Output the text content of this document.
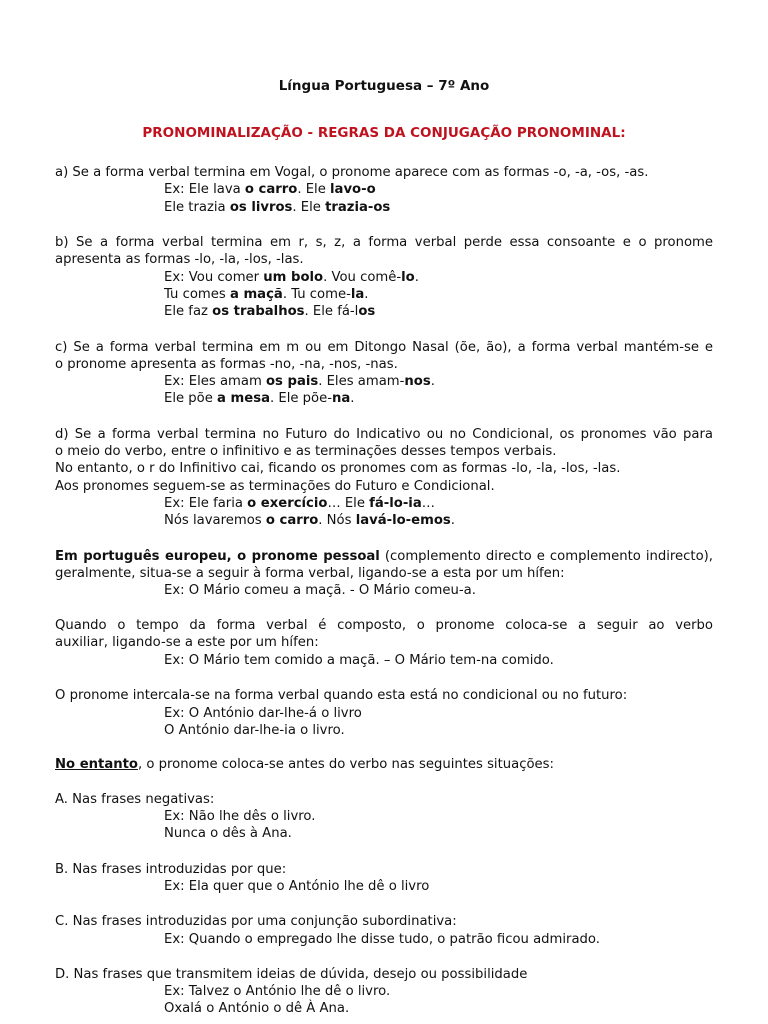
Língua Portuguesa – 7º Ano
PRONOMINALIZAÇÃO - REGRAS DA CONJUGAÇÃO PRONOMINAL:
a) Se a forma verbal termina em Vogal, o pronome aparece com as formas -o, -a, -os, -as.
Ex: Ele lava o carro. Ele lavo-o
Ele trazia os livros. Ele trazia-os
b) Se a forma verbal termina em r, s, z, a forma verbal perde essa consoante e o pronome
apresenta as formas -lo, -la, -los, -las.
Ex: Vou comer um bolo. Vou comê-lo.
Tu comes a maçã. Tu come-la.
Ele faz os trabalhos. Ele fá-los
c) Se a forma verbal termina em m ou em Ditongo Nasal (õe, ão), a forma verbal mantém-se e
o pronome apresenta as formas -no, -na, -nos, -nas.
Ex: Eles amam os pais. Eles amam-nos.
Ele põe a mesa. Ele põe-na.
d) Se a forma verbal termina no Futuro do Indicativo ou no Condicional, os pronomes vão para
o meio do verbo, entre o infinitivo e as terminações desses tempos verbais.
No entanto, o r do Infinitivo cai, ficando os pronomes com as formas -lo, -la, -los, -las.
Aos pronomes seguem-se as terminações do Futuro e Condicional.
Ex: Ele faria o exercício… Ele fá-lo-ia…
Nós lavaremos o carro. Nós lavá-lo-emos.
Em português europeu, o pronome pessoal (complemento directo e complemento indirecto),
geralmente, situa-se a seguir à forma verbal, ligando-se a esta por um hífen:
Ex: O Mário comeu a maçã. - O Mário comeu-a.
Quando o tempo da forma verbal é composto, o pronome coloca-se a seguir ao verbo
auxiliar, ligando-se a este por um hífen:
Ex: O Mário tem comido a maçã. – O Mário tem-na comido.
O pronome intercala-se na forma verbal quando esta está no condicional ou no futuro:
Ex: O António dar-lhe-á o livro
O António dar-lhe-ia o livro.
No entanto, o pronome coloca-se antes do verbo nas seguintes situações:
A. Nas frases negativas:
Ex: Não lhe dês o livro.
Nunca o dês à Ana.
B. Nas frases introduzidas por que:
Ex: Ela quer que o António lhe dê o livro
C. Nas frases introduzidas por uma conjunção subordinativa:
Ex: Quando o empregado lhe disse tudo, o patrão ficou admirado.
D. Nas frases que transmitem ideias de dúvida, desejo ou possibilidade
Ex: Talvez o António lhe dê o livro.
Oxalá o António o dê À Ana.
